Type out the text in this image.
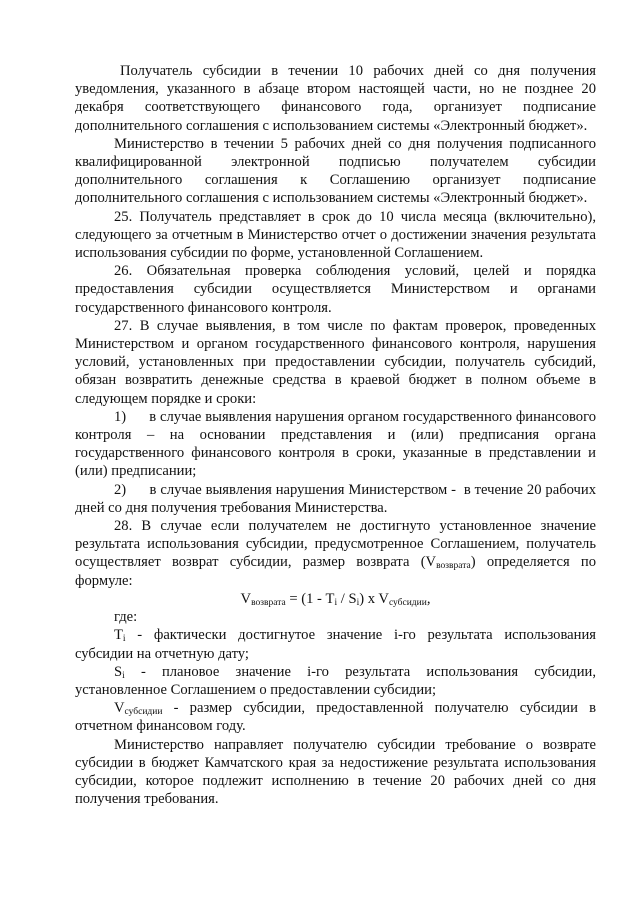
Получатель субсидии в течении 10 рабочих дней со дня получения уведомления, указанного в абзаце втором настоящей части, но не позднее 20 декабря соответствующего финансового года, организует подписание дополнительного соглашения с использованием системы «Электронный бюджет».

Министерство в течении 5 рабочих дней со дня получения подписанного квалифицированной электронной подписью получателем субсидии дополнительного соглашения к Соглашению организует подписание дополнительного соглашения с использованием системы «Электронный бюджет».

25. Получатель представляет в срок до 10 числа месяца (включительно), следующего за отчетным в Министерство отчет о достижении значения результата использования субсидии по форме, установленной Соглашением.

26. Обязательная проверка соблюдения условий, целей и порядка предоставления субсидии осуществляется Министерством и органами государственного финансового контроля.

27. В случае выявления, в том числе по фактам проверок, проведенных Министерством и органом государственного финансового контроля, нарушения условий, установленных при предоставлении субсидии, получатель субсидий, обязан возвратить денежные средства в краевой бюджет в полном объеме в следующем порядке и сроки:

1)      в случае выявления нарушения органом государственного финансового контроля – на основании представления и (или) предписания органа государственного финансового контроля в сроки, указанные в представлении и (или) предписании;

2)      в случае выявления нарушения Министерством -  в течение 20 рабочих дней со дня получения требования Министерства.

28. В случае если получателем не достигнуто установленное значение результата использования субсидии, предусмотренное Соглашением, получатель осуществляет возврат субсидии, размер возврата $(V_{возврата})$ определяется по формуле:

$V_{возврата} = (1 - T_i / S_i)$ x $V_{субсидии}$,

где:

$T_i$ - фактически достигнутое значение i-го результата использования субсидии на отчетную дату;

$S_i$ - плановое значение i-го результата использования субсидии, установленное Соглашением о предоставлении субсидии;

$V_{субсидии}$ - размер субсидии, предоставленной получателю субсидии в отчетном финансовом году.

Министерство направляет получателю субсидии требование о возврате субсидии в бюджет Камчатского края за недостижение результата использования субсидии, которое подлежит исполнению в течение 20 рабочих дней со дня получения требования.
